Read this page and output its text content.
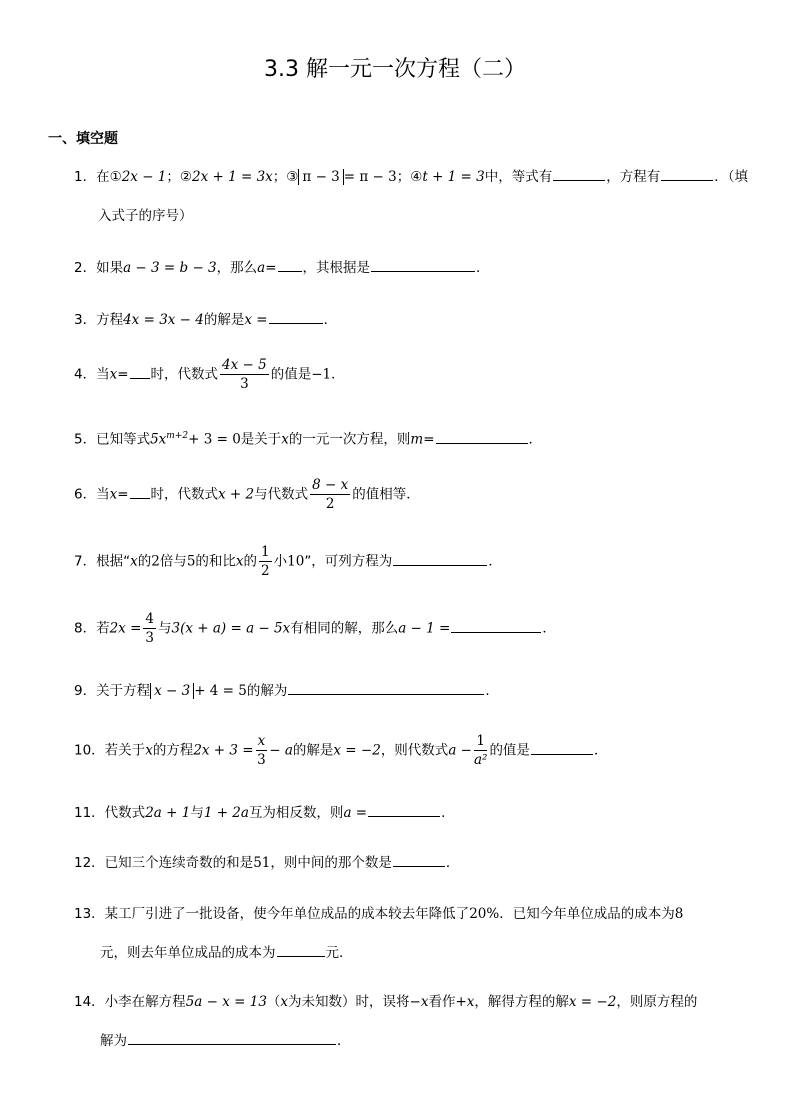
3.3 解一元一次方程（二）
一、填空题
1．在①2x − 1；②2x + 1 = 3x；③ π − 3 = π − 3；④t + 1 = 3中，等式有	，方程有	．（填
入式子的序号）
2．如果a − 3 = b − 3，那么a= ，其根据是	．
3．方程4x = 3x − 4的解是x =	．
4．当x= 时，代数式 $\frac{4x - 5}{3}$ 的值是−1．
5．已知等式$5x^{m+2}+ 3 = 0$是关于x的一元一次方程，则m=	．
6．当x= 时，代数式x + 2与代数式 $\frac{8 - x}{2}$ 的值相等．
7．根据“x的2倍与5的和比x的 $\frac{1}{2}$ 小10”，可列方程为	．
8．若$2x = \frac{4}{3}$ 与3(x + a) = a − 5x有相同的解，那么a − 1 =	．
9．关于方程 x − 3 + 4 = 5的解为	．
10．若关于x的方程$2x + 3 = \frac{x}{3} - a$的解是x = −2，则代数式$a - \frac{1}{\text{a²}}$ 的值是	．
11．代数式2a + 1与1 + 2a互为相反数，则a =	．
12．已知三个连续奇数的和是51，则中间的那个数是	．
13．某工厂引进了一批设备，使今年单位成品的成本较去年降低了20%．已知今年单位成品的成本为8
元，则去年单位成品的成本为	元．
14．小李在解方程5a − x = 13（x为未知数）时，误将−x看作+x，解得方程的解x = −2，则原方程的
解为	．
